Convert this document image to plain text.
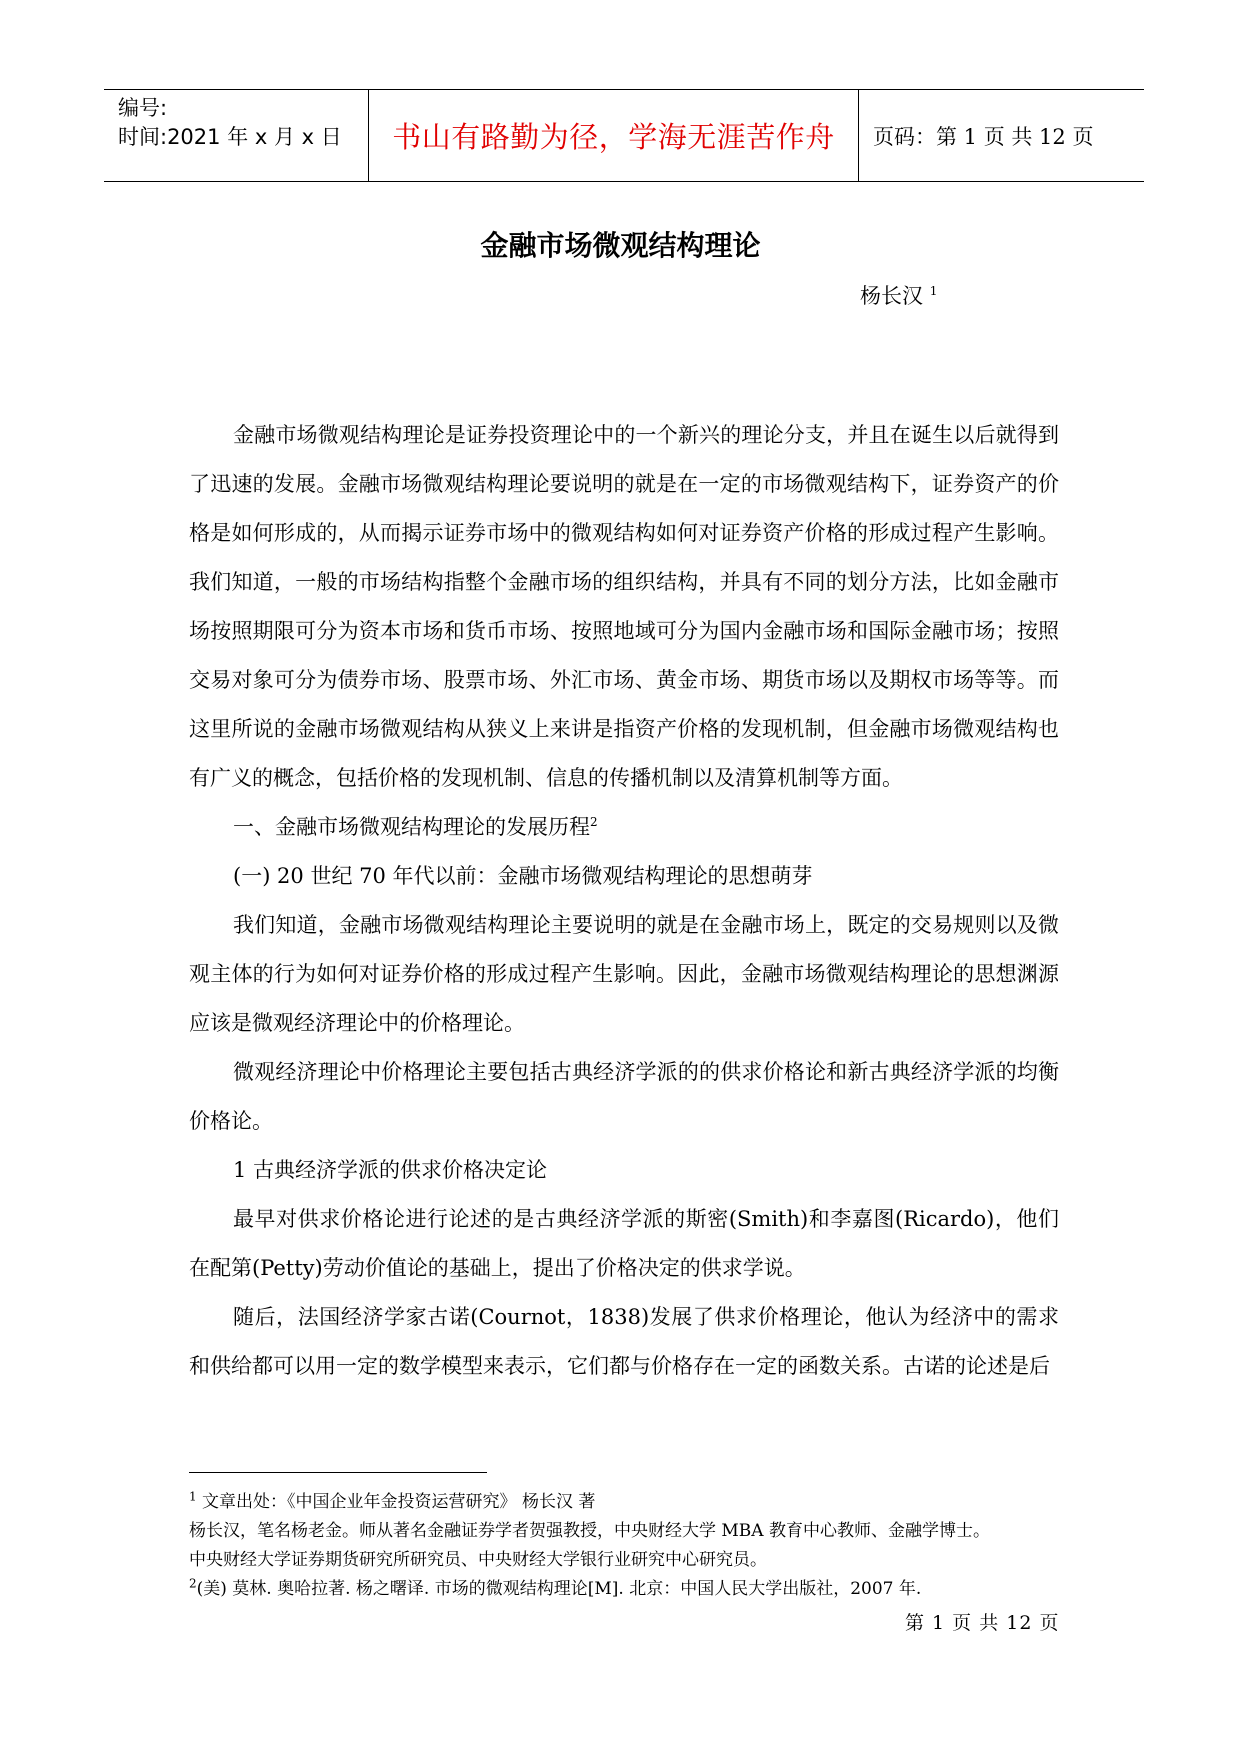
编号:
时间:2021 年 x 月 x 日	书山有路勤为径，学海无涯苦作舟	页码：第 1 页 共 12 页
金融市场微观结构理论
杨长汉 $^1$

金融市场微观结构理论是证券投资理论中的一个新兴的理论分支，并且在诞生以后就得到了迅速的发展。金融市场微观结构理论要说明的就是在一定的市场微观结构下，证券资产的价格是如何形成的，从而揭示证券市场中的微观结构如何对证券资产价格的形成过程产生影响。我们知道，一般的市场结构指整个金融市场的组织结构，并具有不同的划分方法，比如金融市场按照期限可分为资本市场和货币市场、按照地域可分为国内金融市场和国际金融市场；按照交易对象可分为债券市场、股票市场、外汇市场、黄金市场、期货市场以及期权市场等等。而这里所说的金融市场微观结构从狭义上来讲是指资产价格的发现机制，但金融市场微观结构也有广义的概念，包括价格的发现机制、信息的传播机制以及清算机制等方面。

一、金融市场微观结构理论的发展历程$^2$

(一) 20 世纪 70 年代以前：金融市场微观结构理论的思想萌芽

我们知道，金融市场微观结构理论主要说明的就是在金融市场上，既定的交易规则以及微观主体的行为如何对证券价格的形成过程产生影响。因此，金融市场微观结构理论的思想渊源应该是微观经济理论中的价格理论。

微观经济理论中价格理论主要包括古典经济学派的的供求价格论和新古典经济学派的均衡价格论。

1 古典经济学派的供求价格决定论

最早对供求价格论进行论述的是古典经济学派的斯密(Smith)和李嘉图(Ricardo)，他们在配第(Petty)劳动价值论的基础上，提出了价格决定的供求学说。

随后，法国经济学家古诺(Cournot，1838)发展了供求价格理论，他认为经济中的需求和供给都可以用一定的数学模型来表示，它们都与价格存在一定的函数关系。古诺的论述是后

$^1$ 文章出处：《中国企业年金投资运营研究》 杨长汉 著
杨长汉，笔名杨老金。师从著名金融证券学者贺强教授，中央财经大学 MBA 教育中心教师、金融学博士。
中央财经大学证券期货研究所研究员、中央财经大学银行业研究中心研究员。
$^2$(美) 莫林. 奥哈拉著. 杨之曙译. 市场的微观结构理论[M]. 北京：中国人民大学出版社，2007 年.
第 1 页 共 12 页
